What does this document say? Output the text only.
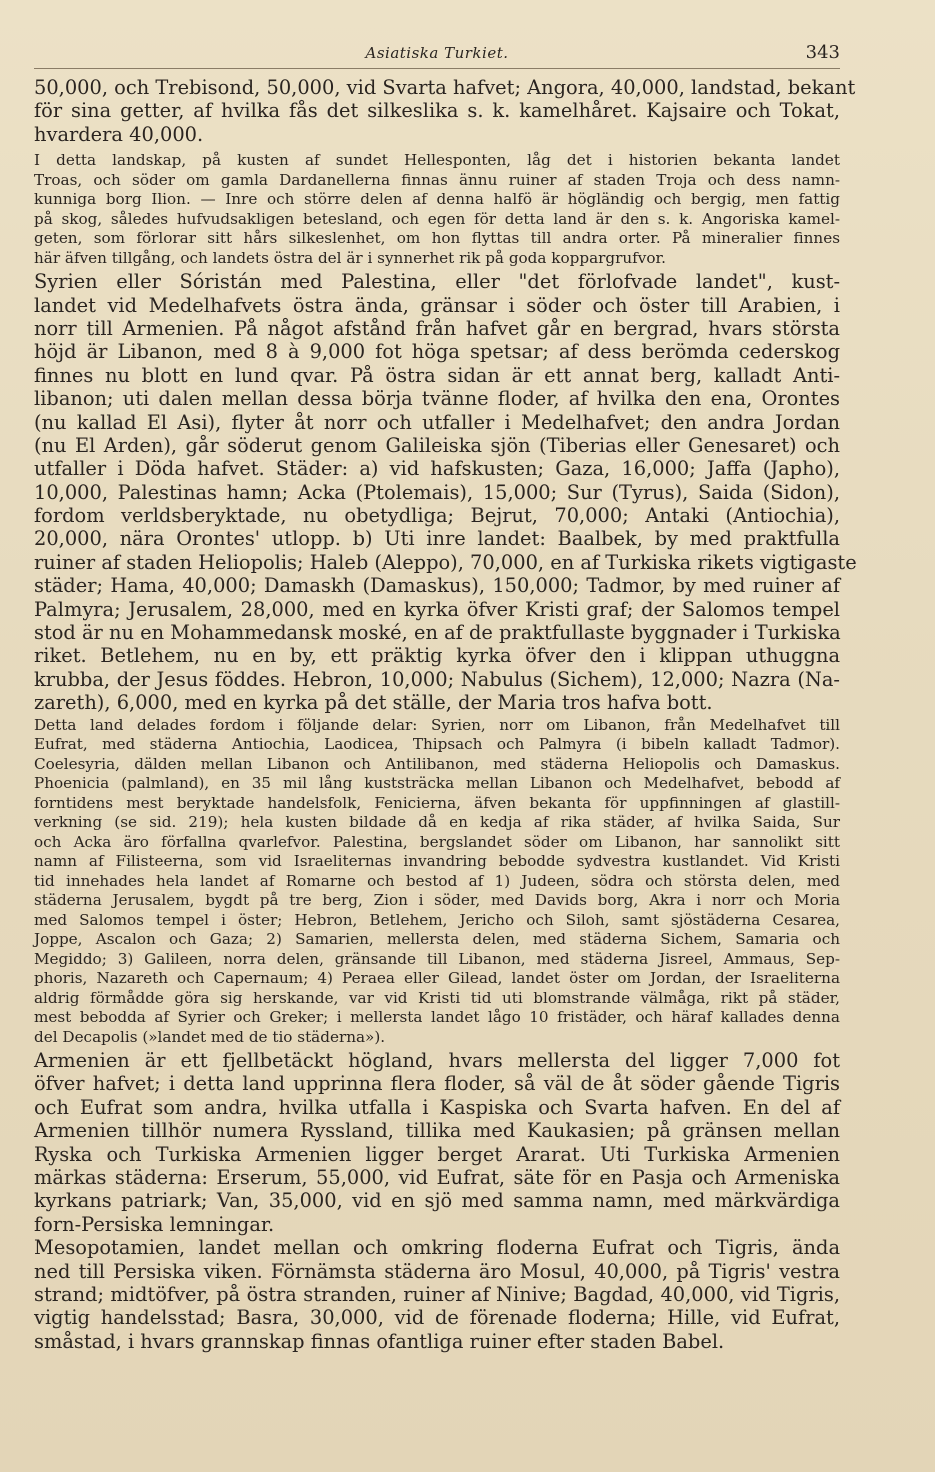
Asiatiska Turkiet.	343
50,000, och Trebisond, 50,000, vid Svarta hafvet; Angora, 40,000, landstad, bekant
för sina getter, af hvilka fås det silkeslika s. k. kamelhåret. Kajsaire och Tokat,
hvardera 40,000.
I detta landskap, på kusten af sundet Hellesponten, låg det i historien bekanta landet
Troas, och söder om gamla Dardanellerna finnas ännu ruiner af staden Troja och dess namn-
kunniga borg Ilion. — Inre och större delen af denna halfö är högländig och bergig, men fattig
på skog, således hufvudsakligen betesland, och egen för detta land är den s. k. Angoriska kamel-
geten, som förlorar sitt hårs silkeslenhet, om hon flyttas till andra orter. På mineralier finnes
här äfven tillgång, och landets östra del är i synnerhet rik på goda koppargrufvor.
Syrien eller Sóristán med Palestina, eller "det förlofvade landet", kust-
landet vid Medelhafvets östra ända, gränsar i söder och öster till Arabien, i
norr till Armenien. På något afstånd från hafvet går en bergrad, hvars största
höjd är Libanon, med 8 à 9,000 fot höga spetsar; af dess berömda cederskog
finnes nu blott en lund qvar. På östra sidan är ett annat berg, kalladt Anti-
libanon; uti dalen mellan dessa börja tvänne floder, af hvilka den ena, Orontes
(nu kallad El Asi), flyter åt norr och utfaller i Medelhafvet; den andra Jordan
(nu El Arden), går söderut genom Galileiska sjön (Tiberias eller Genesaret) och
utfaller i Döda hafvet. Städer: a) vid hafskusten; Gaza, 16,000; Jaffa (Japho),
10,000, Palestinas hamn; Acka (Ptolemais), 15,000; Sur (Tyrus), Saida (Sidon),
fordom verldsberyktade, nu obetydliga; Bejrut, 70,000; Antaki (Antiochia),
20,000, nära Orontes' utlopp. b) Uti inre landet: Baalbek, by med praktfulla
ruiner af staden Heliopolis; Haleb (Aleppo), 70,000, en af Turkiska rikets vigtigaste
städer; Hama, 40,000; Damaskh (Damaskus), 150,000; Tadmor, by med ruiner af
Palmyra; Jerusalem, 28,000, med en kyrka öfver Kristi graf; der Salomos tempel
stod är nu en Mohammedansk moské, en af de praktfullaste byggnader i Turkiska
riket. Betlehem, nu en by, ett präktig kyrka öfver den i klippan uthuggna
krubba, der Jesus föddes. Hebron, 10,000; Nabulus (Sichem), 12,000; Nazra (Na-
zareth), 6,000, med en kyrka på det ställe, der Maria tros hafva bott.
Detta land delades fordom i följande delar: Syrien, norr om Libanon, från Medelhafvet till
Eufrat, med städerna Antiochia, Laodicea, Thipsach och Palmyra (i bibeln kalladt Tadmor).
Coelesyria, dälden mellan Libanon och Antilibanon, med städerna Heliopolis och Damaskus.
Phoenicia (palmland), en 35 mil lång kuststräcka mellan Libanon och Medelhafvet, bebodd af
forntidens mest beryktade handelsfolk, Fenicierna, äfven bekanta för uppfinningen af glastill-
verkning (se sid. 219); hela kusten bildade då en kedja af rika städer, af hvilka Saida, Sur
och Acka äro förfallna qvarlefvor. Palestina, bergslandet söder om Libanon, har sannolikt sitt
namn af Filisteerna, som vid Israeliternas invandring bebodde sydvestra kustlandet. Vid Kristi
tid innehades hela landet af Romarne och bestod af 1) Judeen, södra och största delen, med
städerna Jerusalem, bygdt på tre berg, Zion i söder, med Davids borg, Akra i norr och Moria
med Salomos tempel i öster; Hebron, Betlehem, Jericho och Siloh, samt sjöstäderna Cesarea,
Joppe, Ascalon och Gaza; 2) Samarien, mellersta delen, med städerna Sichem, Samaria och
Megiddo; 3) Galileen, norra delen, gränsande till Libanon, med städerna Jisreel, Ammaus, Sep-
phoris, Nazareth och Capernaum; 4) Peraea eller Gilead, landet öster om Jordan, der Israeliterna
aldrig förmådde göra sig herskande, var vid Kristi tid uti blomstrande välmåga, rikt på städer,
mest bebodda af Syrier och Greker; i mellersta landet lågo 10 fristäder, och häraf kallades denna
del Decapolis (»landet med de tio städerna»).
Armenien är ett fjellbetäckt högland, hvars mellersta del ligger 7,000 fot
öfver hafvet; i detta land upprinna flera floder, så väl de åt söder gående Tigris
och Eufrat som andra, hvilka utfalla i Kaspiska och Svarta hafven. En del af
Armenien tillhör numera Ryssland, tillika med Kaukasien; på gränsen mellan
Ryska och Turkiska Armenien ligger berget Ararat. Uti Turkiska Armenien
märkas städerna: Erserum, 55,000, vid Eufrat, säte för en Pasja och Armeniska
kyrkans patriark; Van, 35,000, vid en sjö med samma namn, med märkvärdiga
forn-Persiska lemningar.
Mesopotamien, landet mellan och omkring floderna Eufrat och Tigris, ända
ned till Persiska viken. Förnämsta städerna äro Mosul, 40,000, på Tigris' vestra
strand; midtöfver, på östra stranden, ruiner af Ninive; Bagdad, 40,000, vid Tigris,
vigtig handelsstad; Basra, 30,000, vid de förenade floderna; Hille, vid Eufrat,
småstad, i hvars grannskap finnas ofantliga ruiner efter staden Babel.
